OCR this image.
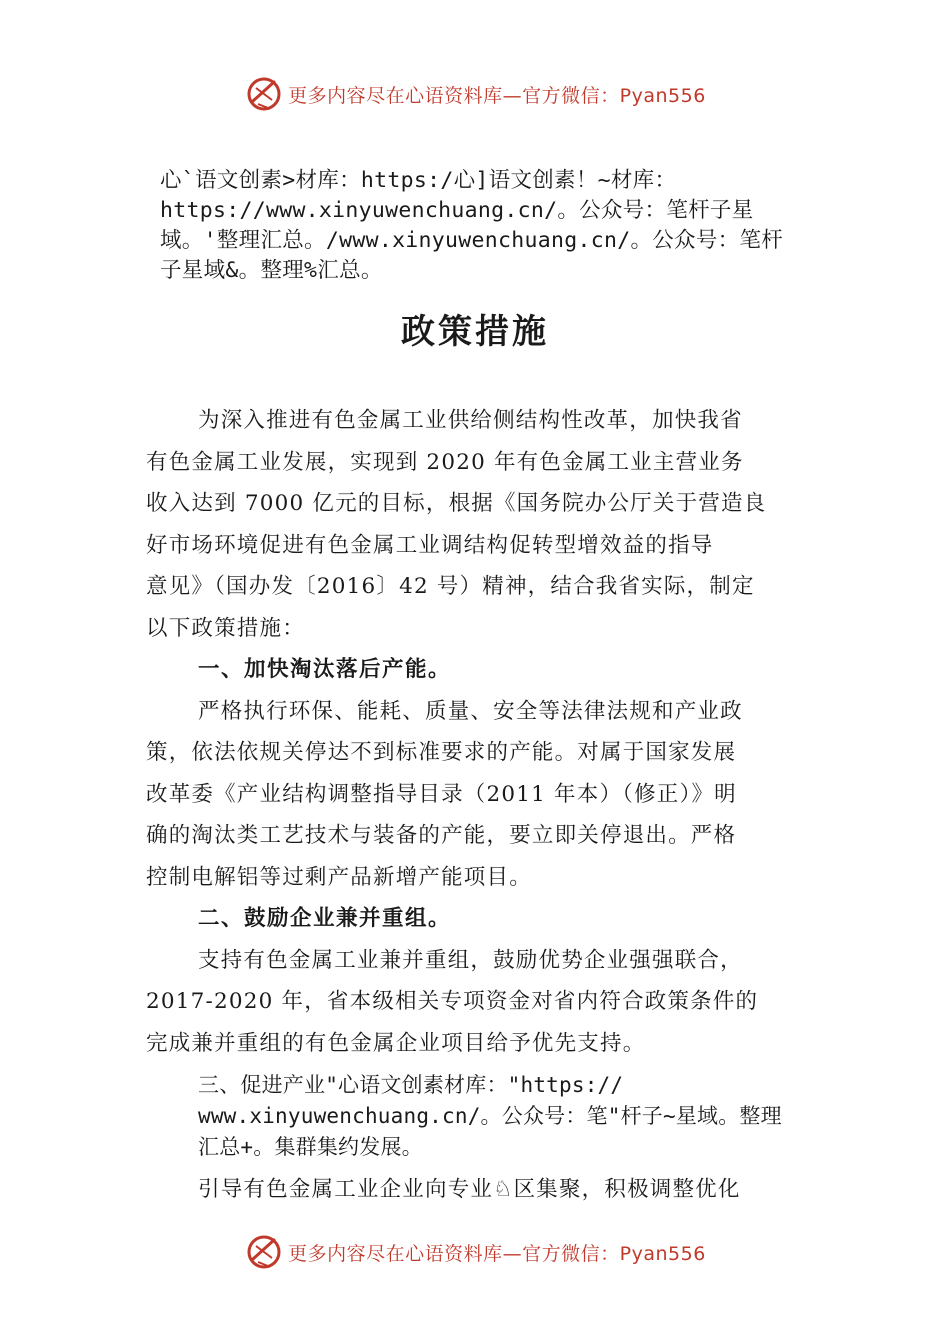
更多内容尽在心语资料库—官方微信：Pyan556
心`语文创素>材库：https:/心]语文创素！~材库：
https://www.xinyuwenchuang.cn/。公众号：笔杆子星
域。'整理汇总。/www.xinyuwenchuang.cn/。公众号：笔杆
子星域&。整理%汇总。
政策措施
为深入推进有色金属工业供给侧结构性改革，加快我省
有色金属工业发展，实现到 2020 年有色金属工业主营业务
收入达到 7000 亿元的目标，根据《国务院办公厅关于营造良
好市场环境促进有色金属工业调结构促转型增效益的指导
意见》（国办发〔2016〕42 号）精神，结合我省实际，制定
以下政策措施：
一、加快淘汰落后产能。
严格执行环保、能耗、质量、安全等法律法规和产业政
策，依法依规关停达不到标准要求的产能。对属于国家发展
改革委《产业结构调整指导目录（2011 年本）（修正）》明
确的淘汰类工艺技术与装备的产能，要立即关停退出。严格
控制电解铝等过剩产品新增产能项目。
二、鼓励企业兼并重组。
支持有色金属工业兼并重组，鼓励优势企业强强联合，
2017-2020 年，省本级相关专项资金对省内符合政策条件的
完成兼并重组的有色金属企业项目给予优先支持。
三、促进产业"心语文创素材库："https://
www.xinyuwenchuang.cn/。公众号：笔"杆子~星域。整理
汇总+。集群集约发展。
引导有色金属工业企业向专业♘区集聚，积极调整优化
更多内容尽在心语资料库—官方微信：Pyan556
